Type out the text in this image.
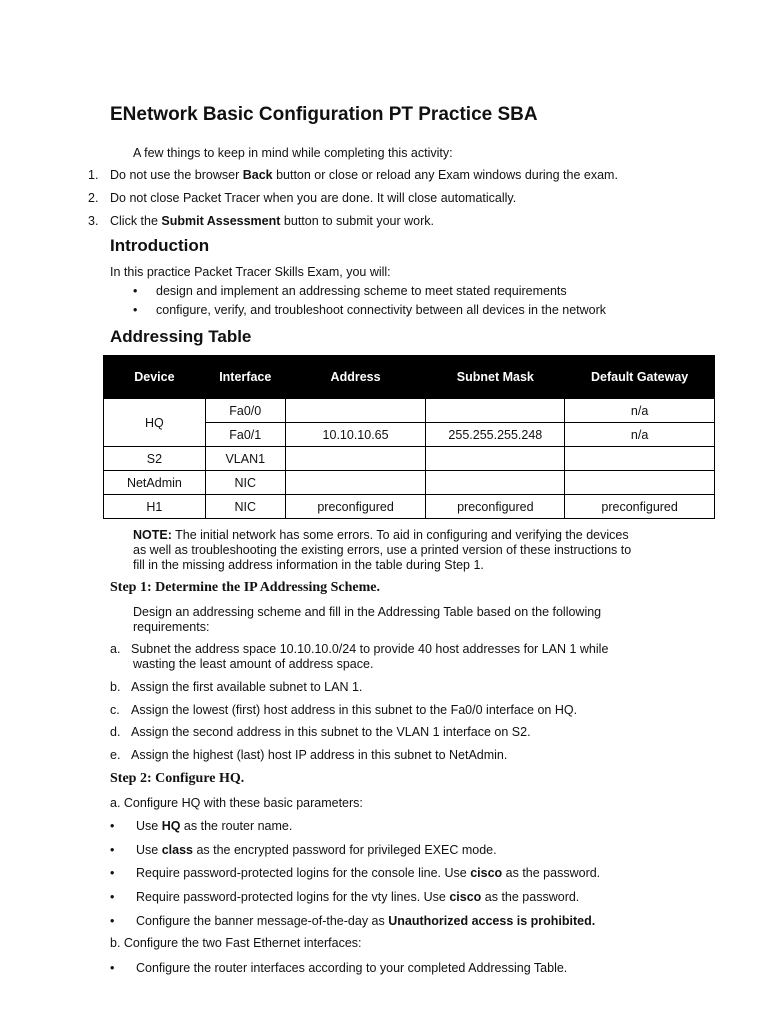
ENetwork Basic Configuration PT Practice SBA
A few things to keep in mind while completing this activity:
1. Do not use the browser Back button or close or reload any Exam windows during the exam.
2. Do not close Packet Tracer when you are done. It will close automatically.
3. Click the Submit Assessment button to submit your work.
Introduction
In this practice Packet Tracer Skills Exam, you will:
• design and implement an addressing scheme to meet stated requirements
• configure, verify, and troubleshoot connectivity between all devices in the network
Addressing Table
Device	Interface	Address	Subnet Mask	Default Gateway
HQ	Fa0/0			n/a
	Fa0/1	10.10.10.65	255.255.255.248	n/a
S2	VLAN1			
NetAdmin	NIC			
H1	NIC	preconfigured	preconfigured	preconfigured
NOTE: The initial network has some errors. To aid in configuring and verifying the devices
as well as troubleshooting the existing errors, use a printed version of these instructions to
fill in the missing address information in the table during Step 1.
Step 1: Determine the IP Addressing Scheme.
Design an addressing scheme and fill in the Addressing Table based on the following
requirements:
a. Subnet the address space 10.10.10.0/24 to provide 40 host addresses for LAN 1 while
wasting the least amount of address space.
b. Assign the first available subnet to LAN 1.
c. Assign the lowest (first) host address in this subnet to the Fa0/0 interface on HQ.
d. Assign the second address in this subnet to the VLAN 1 interface on S2.
e. Assign the highest (last) host IP address in this subnet to NetAdmin.
Step 2: Configure HQ.
a. Configure HQ with these basic parameters:
• Use HQ as the router name.
• Use class as the encrypted password for privileged EXEC mode.
• Require password-protected logins for the console line. Use cisco as the password.
• Require password-protected logins for the vty lines. Use cisco as the password.
• Configure the banner message-of-the-day as Unauthorized access is prohibited.
b. Configure the two Fast Ethernet interfaces:
• Configure the router interfaces according to your completed Addressing Table.
